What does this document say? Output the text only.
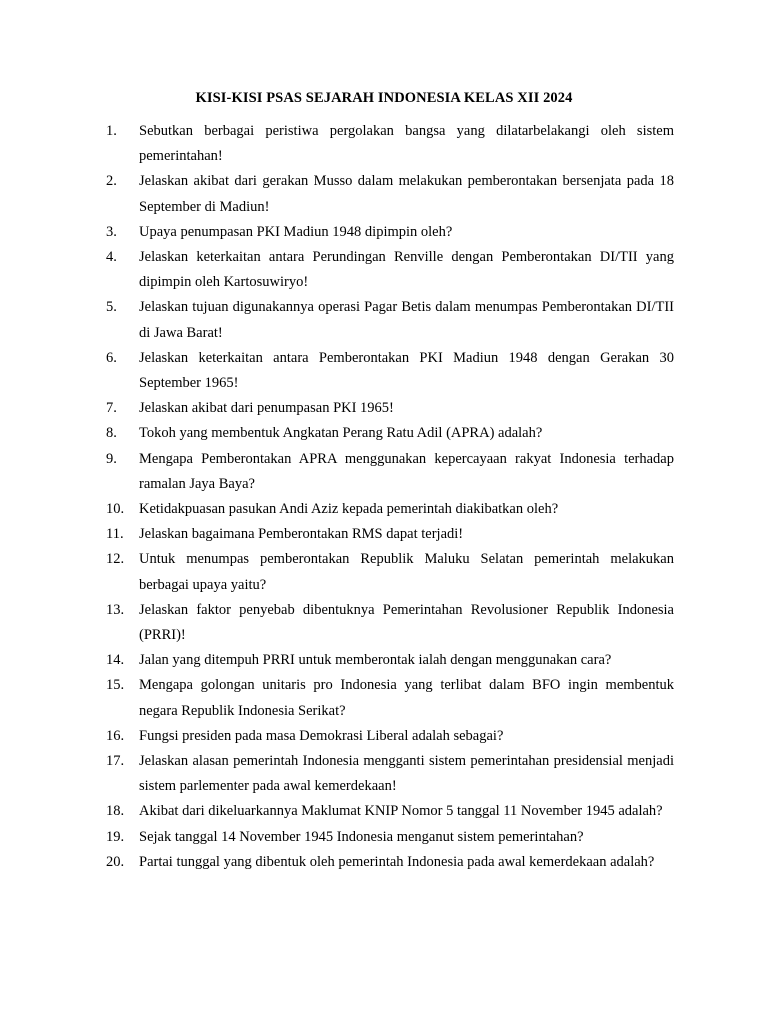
KISI-KISI PSAS SEJARAH INDONESIA KELAS XII 2024
1.	Sebutkan berbagai peristiwa pergolakan bangsa yang dilatarbelakangi oleh sistem pemerintahan!
2.	Jelaskan akibat dari gerakan Musso dalam melakukan pemberontakan bersenjata pada 18 September di Madiun!
3.	Upaya penumpasan PKI Madiun 1948 dipimpin oleh?
4.	Jelaskan keterkaitan antara Perundingan Renville dengan Pemberontakan DI/TII yang dipimpin oleh Kartosuwiryo!
5.	Jelaskan tujuan digunakannya operasi Pagar Betis dalam menumpas Pemberontakan DI/TII di Jawa Barat!
6.	Jelaskan keterkaitan antara Pemberontakan PKI Madiun 1948 dengan Gerakan 30 September 1965!
7.	Jelaskan akibat dari penumpasan PKI 1965!
8.	Tokoh yang membentuk Angkatan Perang Ratu Adil (APRA) adalah?
9.	Mengapa Pemberontakan APRA menggunakan kepercayaan rakyat Indonesia terhadap ramalan Jaya Baya?
10.	Ketidakpuasan pasukan Andi Aziz kepada pemerintah diakibatkan oleh?
11.	Jelaskan bagaimana Pemberontakan RMS dapat terjadi!
12.	Untuk menumpas pemberontakan Republik Maluku Selatan pemerintah melakukan berbagai upaya yaitu?
13.	Jelaskan faktor penyebab dibentuknya Pemerintahan Revolusioner Republik Indonesia (PRRI)!
14.	Jalan yang ditempuh PRRI untuk memberontak ialah dengan menggunakan cara?
15.	Mengapa golongan unitaris pro Indonesia yang terlibat dalam BFO ingin membentuk negara Republik Indonesia Serikat?
16.	Fungsi presiden pada masa Demokrasi Liberal adalah sebagai?
17.	Jelaskan alasan pemerintah Indonesia mengganti sistem pemerintahan presidensial menjadi sistem parlementer pada awal kemerdekaan!
18.	Akibat dari dikeluarkannya Maklumat KNIP Nomor 5 tanggal 11 November 1945 adalah?
19.	Sejak tanggal 14 November 1945 Indonesia menganut sistem pemerintahan?
20.	Partai tunggal yang dibentuk oleh pemerintah Indonesia pada awal kemerdekaan adalah?
